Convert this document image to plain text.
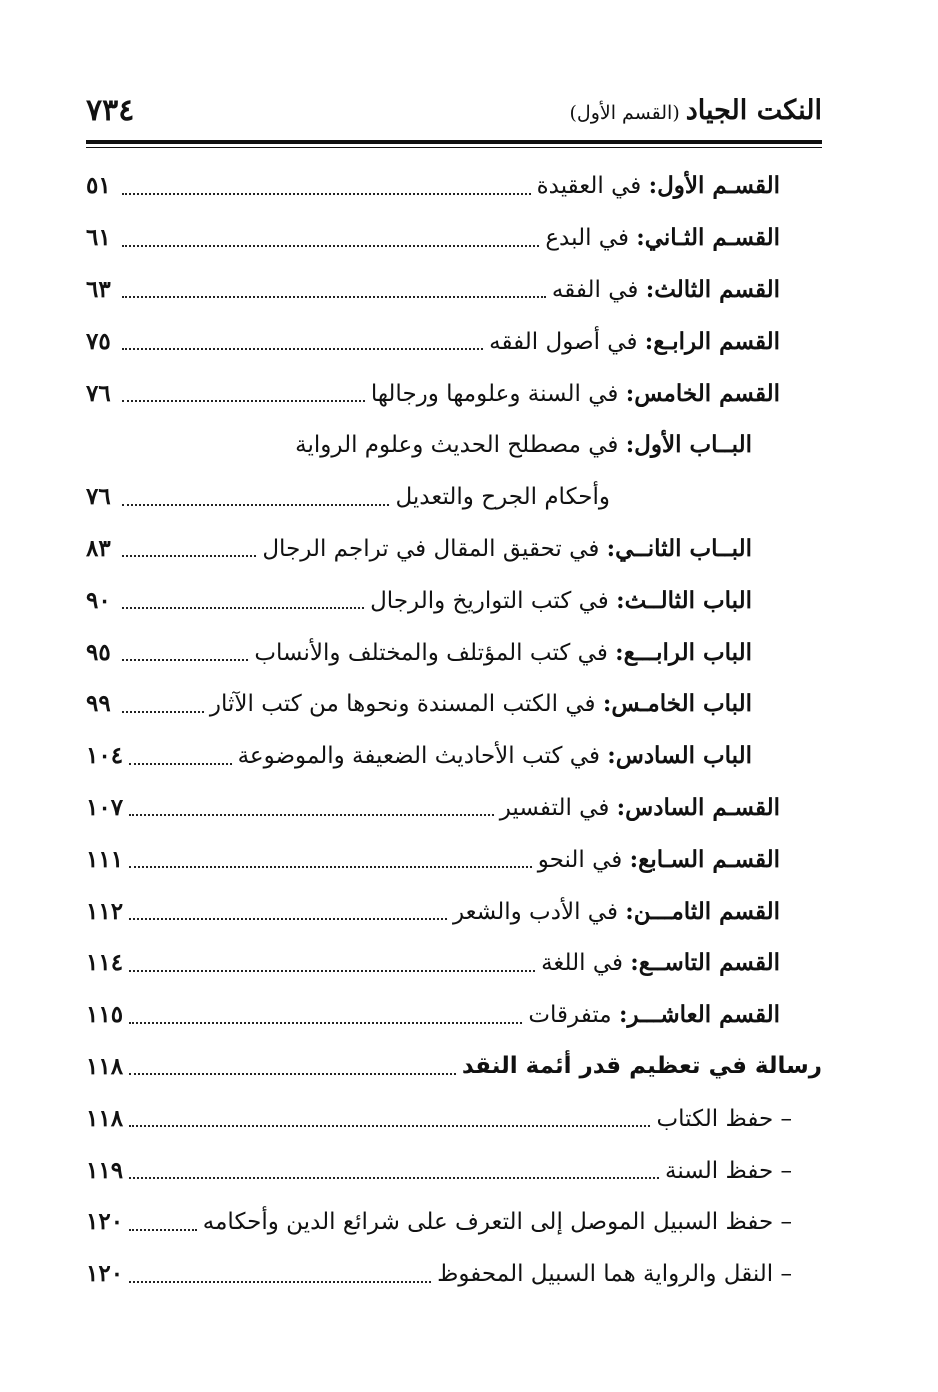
٧٣٤	النكت الجياد
(القسم الأول)
٥١	القسـم الأول: في العقيدة
٦١	القسـم الثـاني: في البدع
٦٣	القسم الثالث: في الفقه
٧٥	القسم الرابـع: في أصول الفقه
٧٦	القسم الخامس: في السنة وعلومها ورجالها
البــاب الأول: في مصطلح الحديث وعلوم الرواية
٧٦	وأحكام الجرح والتعديل
٨٣	البــاب الثانــي: في تحقيق المقال في تراجم الرجال
٩٠	الباب الثالــث: في كتب التواريخ والرجال
٩٥	الباب الرابـــع: في كتب المؤتلف والمختلف والأنساب
٩٩	الباب الخامـس: في الكتب المسندة ونحوها من كتب الآثار
١٠٤	الباب السادس: في كتب الأحاديث الضعيفة والموضوعة
١٠٧	القسـم السادس: في التفسير
١١١	القسـم السـابع: في النحو
١١٢	القسم الثامـــن: في الأدب والشعر
١١٤	القسم التاســع: في اللغة
١١٥	القسم العاشـــر: متفرقات
١١٨	رسالة في تعظيم قدر أئمة النقد
١١٨	– حفظ الكتاب
١١٩	– حفظ السنة
١٢٠	– حفظ السبيل الموصل إلى التعرف على شرائع الدين وأحكامه
١٢٠	– النقل والرواية هما السبيل المحفوظ
